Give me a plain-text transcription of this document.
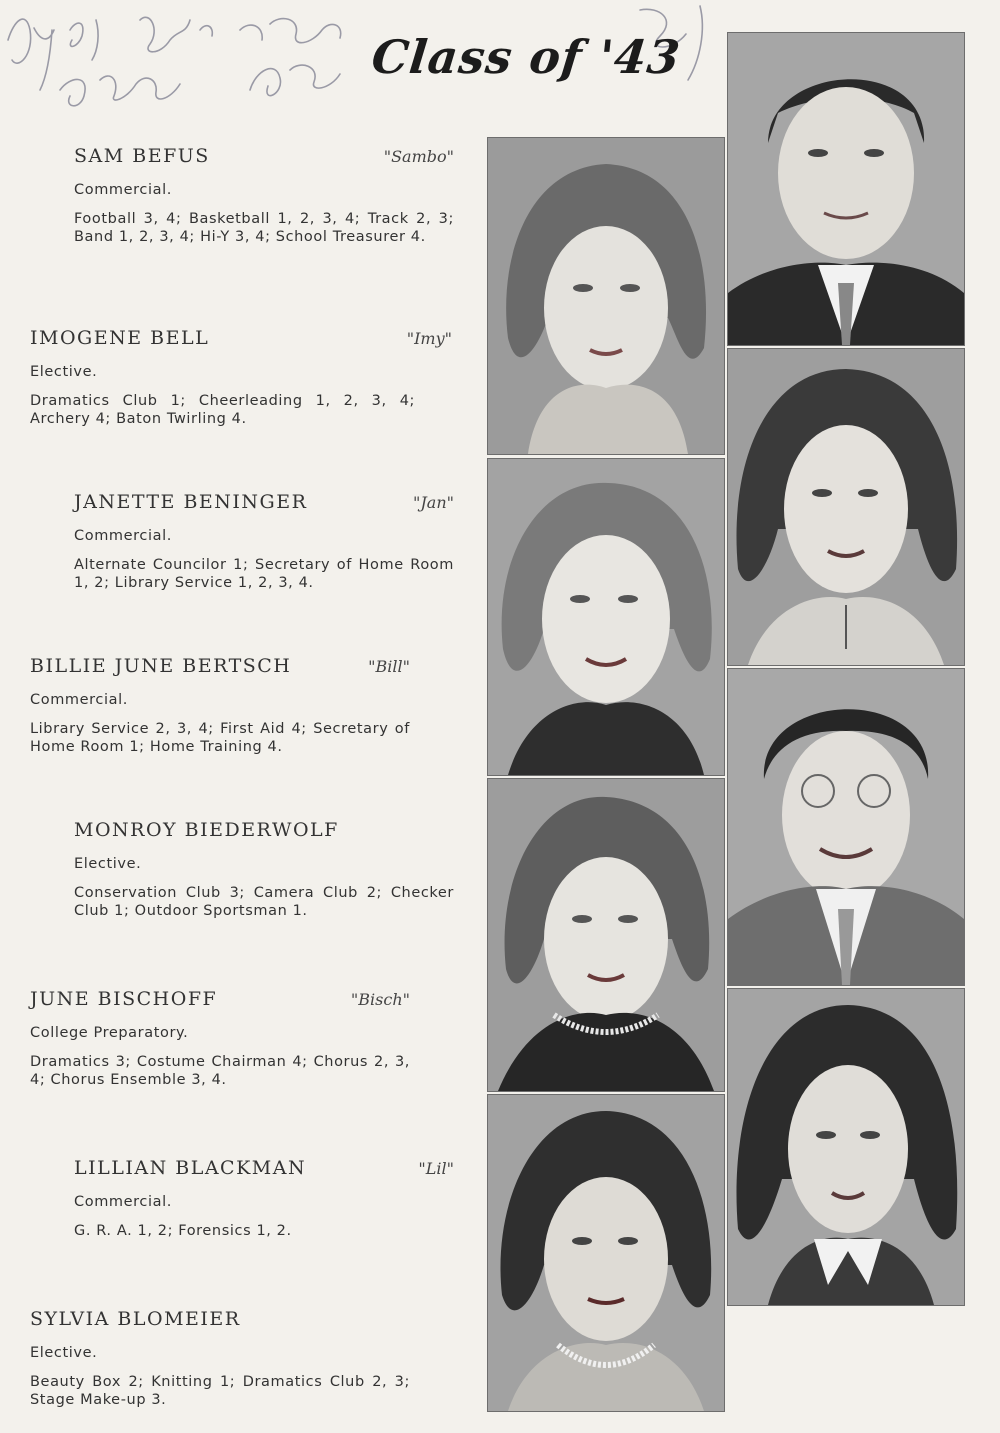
Class of '43
SAM BEFUS	"Sambo"
Commercial.
Football 3, 4; Basketball 1, 2, 3, 4; Track 2, 3; Band 1, 2, 3, 4; Hi-Y 3, 4; School Treasurer 4.
IMOGENE BELL	"Imy"
Elective.
Dramatics Club 1; Cheerleading 1, 2, 3, 4; Archery 4; Baton Twirling 4.
JANETTE BENINGER	"Jan"
Commercial.
Alternate Councilor 1; Secretary of Home Room 1, 2; Library Service 1, 2, 3, 4.
BILLIE JUNE BERTSCH	"Bill"
Commercial.
Library Service 2, 3, 4; First Aid 4; Secretary of Home Room 1; Home Training 4.
MONROY BIEDERWOLF
Elective.
Conservation Club 3; Camera Club 2; Checker Club 1; Outdoor Sportsman 1.
JUNE BISCHOFF	"Bisch"
College Preparatory.
Dramatics 3; Costume Chairman 4; Chorus 2, 3, 4; Chorus Ensemble 3, 4.
LILLIAN BLACKMAN	"Lil"
Commercial.
G. R. A. 1, 2; Forensics 1, 2.
SYLVIA BLOMEIER
Elective.
Beauty Box 2; Knitting 1; Dramatics Club 2, 3; Stage Make-up 3.
